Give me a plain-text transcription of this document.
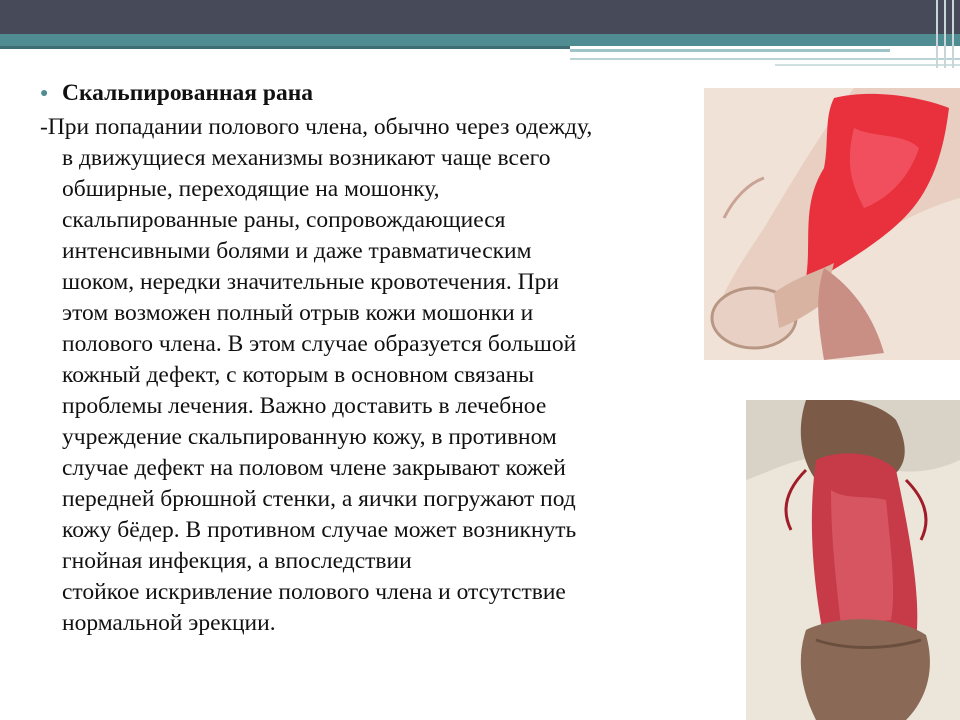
● Скальпированная рана

-При попадании полового члена, обычно через одежду,
в движущиеся механизмы возникают чаще всего
обширные, переходящие на мошонку,
скальпированные раны, сопровождающиеся
интенсивными болями и даже травматическим
шоком, нередки значительные кровотечения. При
этом возможен полный отрыв кожи мошонки и
полового члена. В этом случае образуется большой
кожный дефект, с которым в основном связаны
проблемы лечения. Важно доставить в лечебное
учреждение скальпированную кожу, в противном
случае дефект на половом члене закрывают кожей
передней брюшной стенки, а яички погружают под
кожу бёдер. В противном случае может возникнуть
гнойная инфекция, а впоследствии
стойкое искривление полового члена и отсутствие
нормальной эрекции.
